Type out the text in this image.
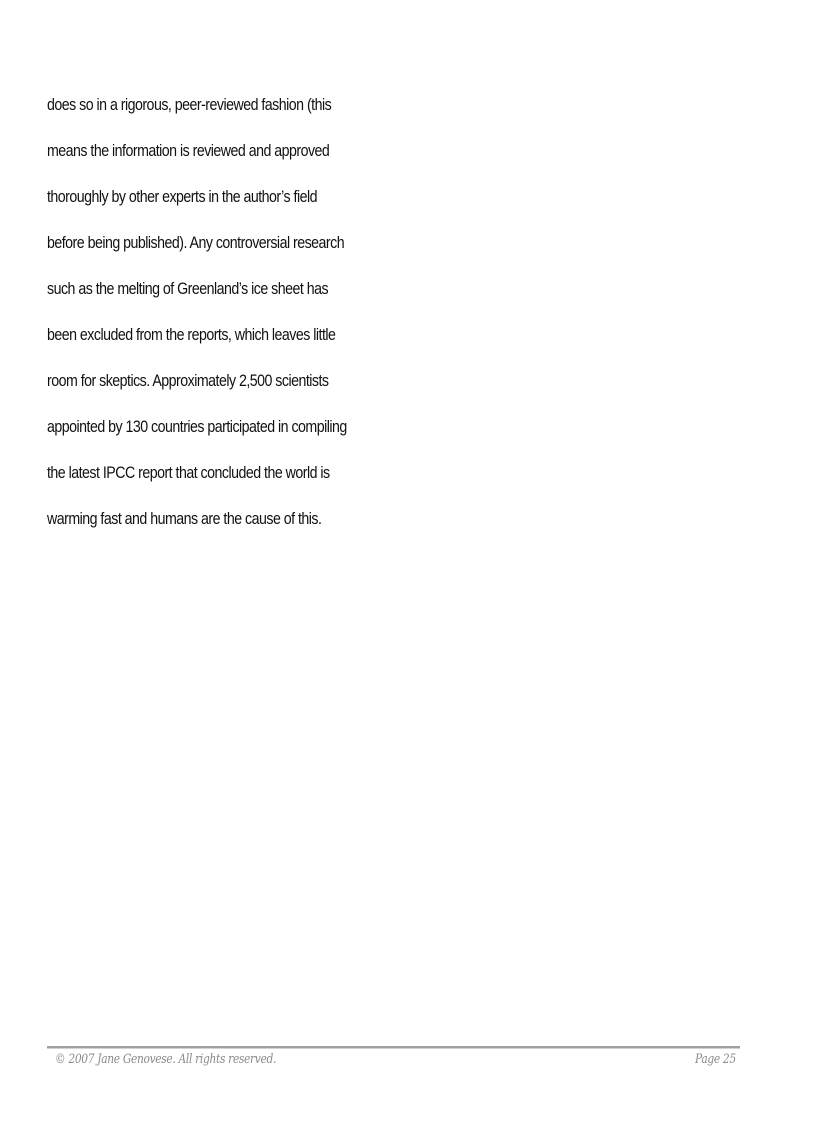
does so in a rigorous, peer-reviewed fashion (this
means the information is reviewed and approved
thoroughly by other experts in the author’s field
before being published). Any controversial research
such as the melting of Greenland’s ice sheet has
been excluded from the reports, which leaves little
room for skeptics. Approximately 2,500 scientists
appointed by 130 countries participated in compiling
the latest IPCC report that concluded the world is
warming fast and humans are the cause of this.
© 2007 Jane Genovese. All rights reserved.	Page 25
